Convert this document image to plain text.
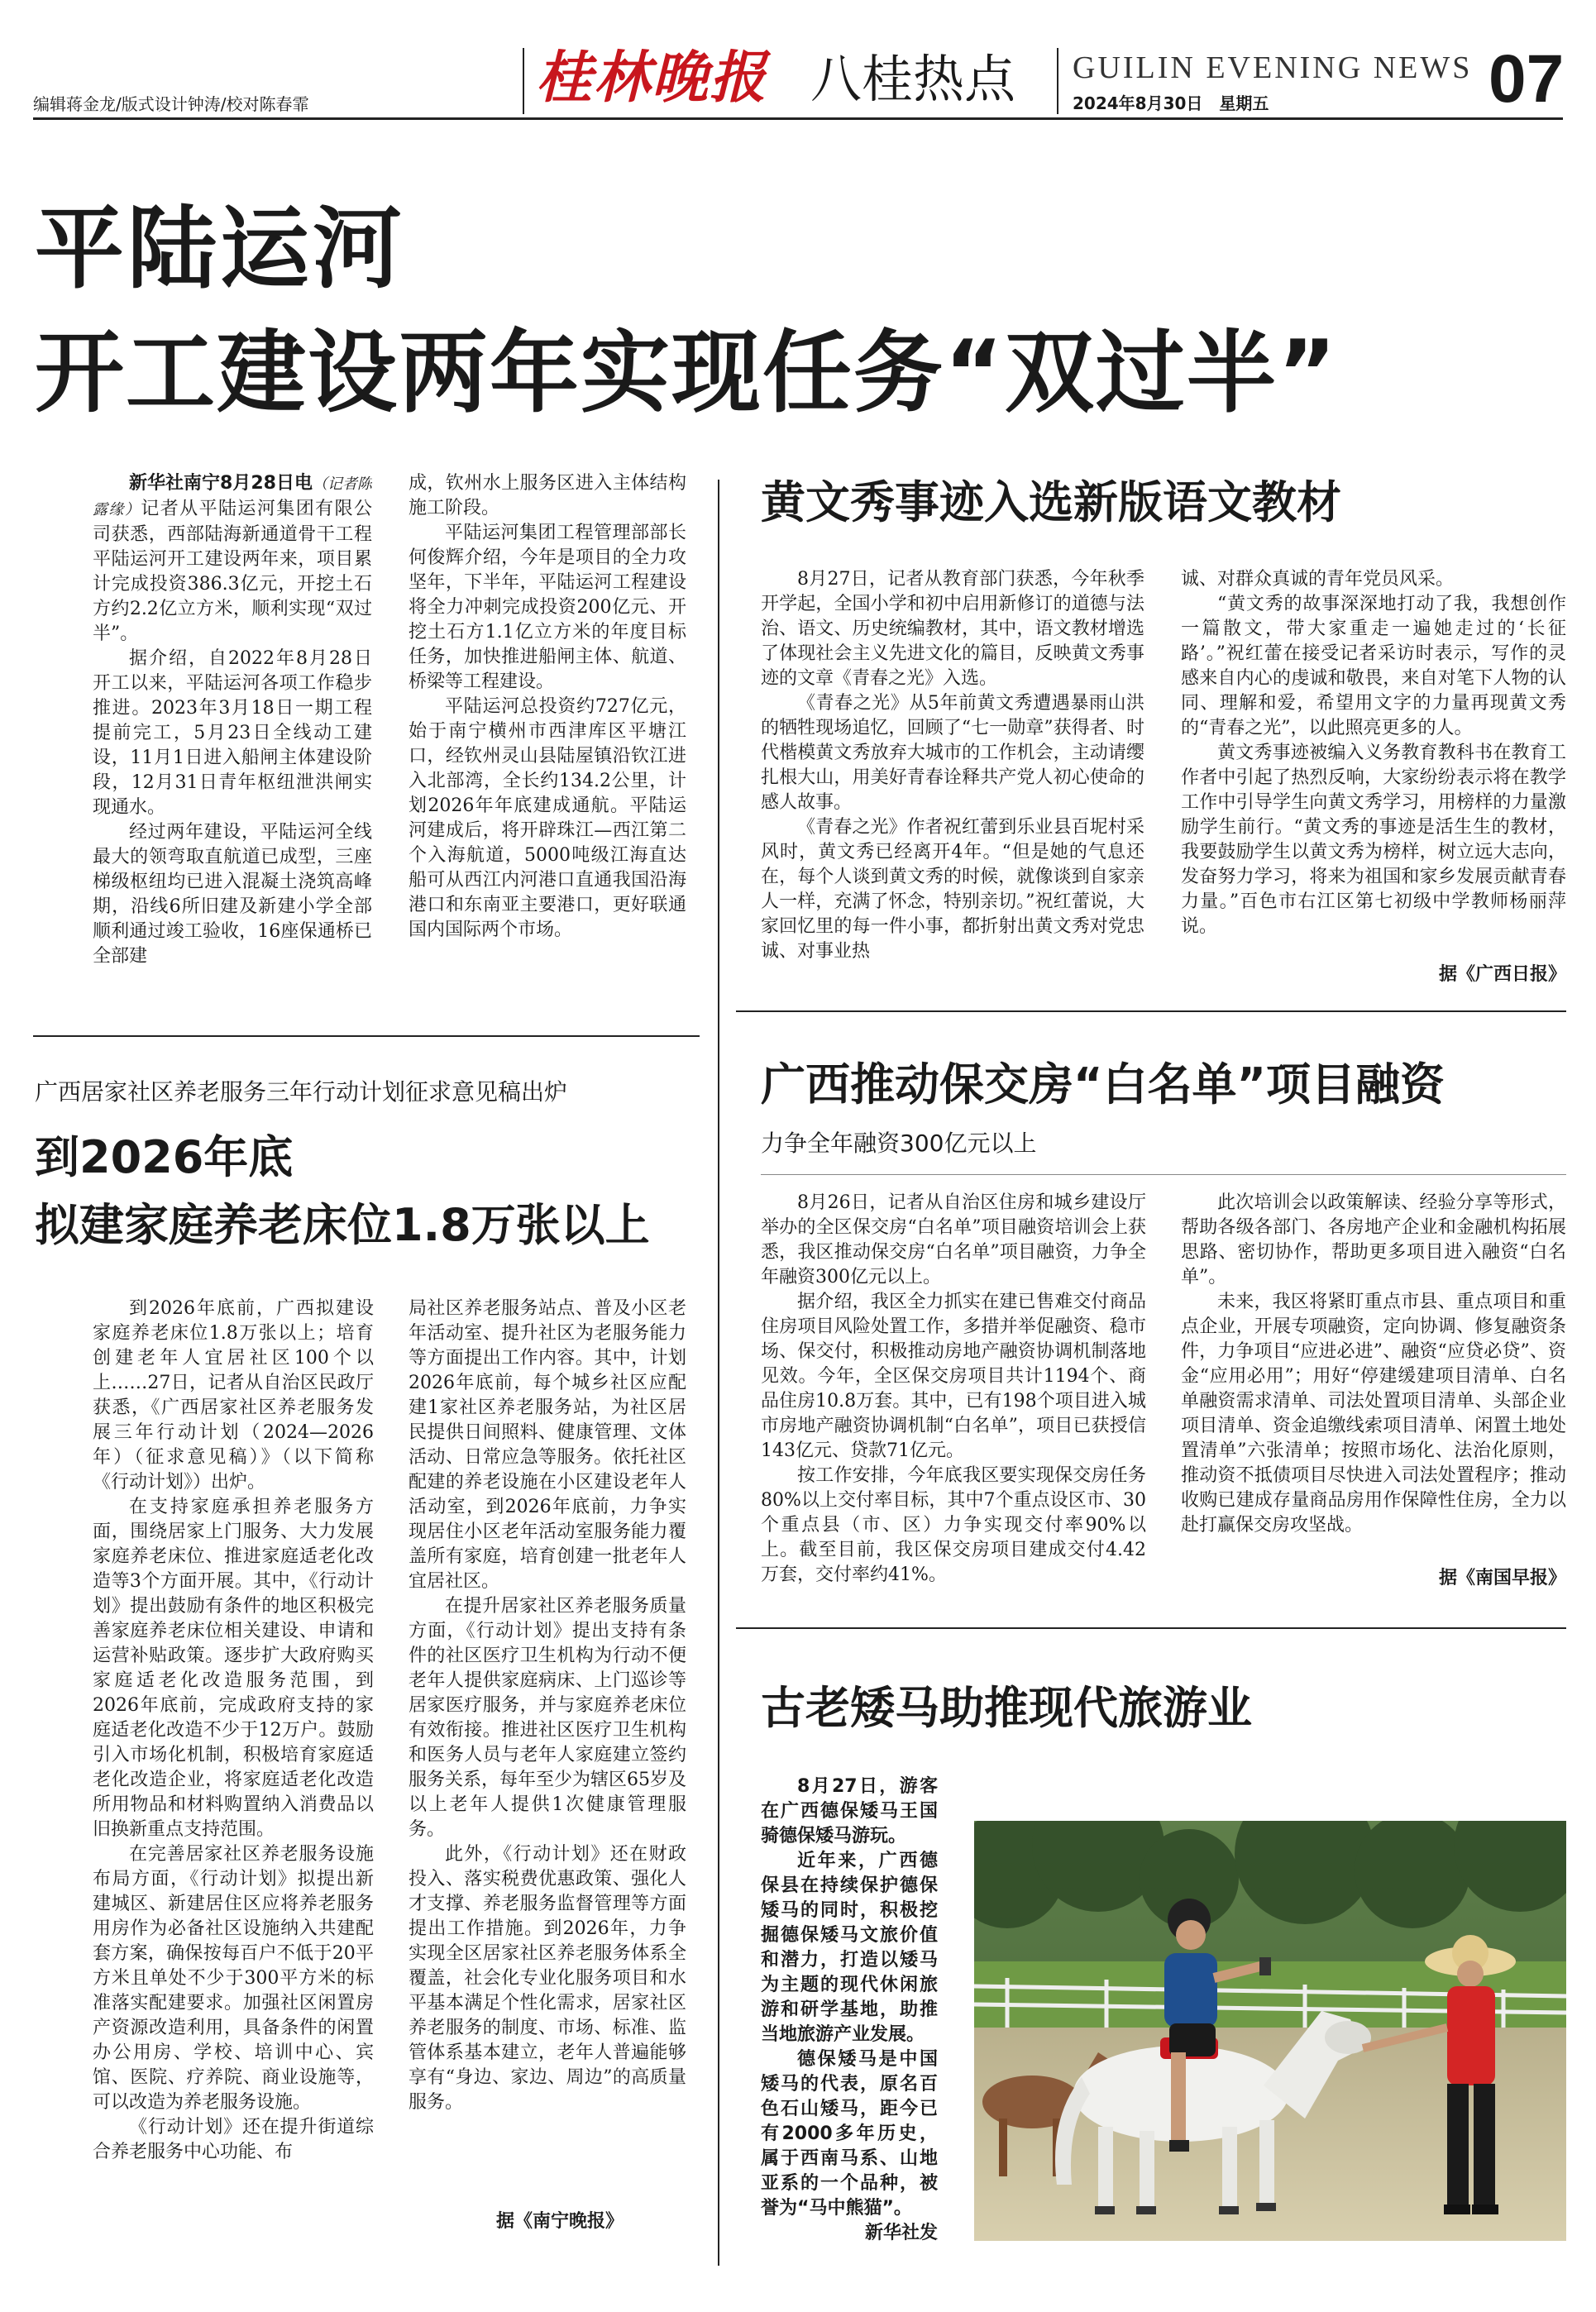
编辑蒋金龙/版式设计钟涛/校对陈春霏	桂林晚报 八桂热点 GUILIN EVENING NEWS
2024年8月30日　星期五	07
平陆运河
开工建设两年实现任务“双过半”

新华社南宁8月28日电（记者陈露缘）记者从平陆运河集团有限公司获悉，西部陆海新通道骨干工程平陆运河开工建设两年来，项目累计完成投资386.3亿元，开挖土石方约2.2亿立方米，顺利实现“双过半”。

据介绍，自2022年8月28日开工以来，平陆运河各项工作稳步推进。2023年3月18日一期工程提前完工，5月23日全线动工建设，11月1日进入船闸主体建设阶段，12月31日青年枢纽泄洪闸实现通水。

经过两年建设，平陆运河全线最大的领弯取直航道已成型，三座梯级枢纽均已进入混凝土浇筑高峰期，沿线6所旧建及新建小学全部顺利通过竣工验收，16座保通桥已全部建

成，钦州水上服务区进入主体结构施工阶段。

平陆运河集团工程管理部部长何俊辉介绍，今年是项目的全力攻坚年，下半年，平陆运河工程建设将全力冲刺完成投资200亿元、开挖土石方1.1亿立方米的年度目标任务，加快推进船闸主体、航道、桥梁等工程建设。

平陆运河总投资约727亿元，始于南宁横州市西津库区平塘江口，经钦州灵山县陆屋镇沿钦江进入北部湾，全长约134.2公里，计划2026年年底建成通航。平陆运河建成后，将开辟珠江—西江第二个入海航道，5000吨级江海直达船可从西江内河港口直通我国沿海港口和东南亚主要港口，更好联通国内国际两个市场。

黄文秀事迹入选新版语文教材

8月27日，记者从教育部门获悉，今年秋季开学起，全国小学和初中启用新修订的道德与法治、语文、历史统编教材，其中，语文教材增选了体现社会主义先进文化的篇目，反映黄文秀事迹的文章《青春之光》入选。

《青春之光》从5年前黄文秀遭遇暴雨山洪的牺牲现场追忆，回顾了“七一勋章”获得者、时代楷模黄文秀放弃大城市的工作机会，主动请缨扎根大山，用美好青春诠释共产党人初心使命的感人故事。

《青春之光》作者祝红蕾到乐业县百坭村采风时，黄文秀已经离开4年。“但是她的气息还在，每个人谈到黄文秀的时候，就像谈到自家亲人一样，充满了怀念，特别亲切。”祝红蕾说，大家回忆里的每一件小事，都折射出黄文秀对党忠诚、对事业热

诚、对群众真诚的青年党员风采。

“黄文秀的故事深深地打动了我，我想创作一篇散文，带大家重走一遍她走过的‘长征路’。”祝红蕾在接受记者采访时表示，写作的灵感来自内心的虔诚和敬畏，来自对笔下人物的认同、理解和爱，希望用文字的力量再现黄文秀的“青春之光”，以此照亮更多的人。

黄文秀事迹被编入义务教育教科书在教育工作者中引起了热烈反响，大家纷纷表示将在教学工作中引导学生向黄文秀学习，用榜样的力量激励学生前行。“黄文秀的事迹是活生生的教材，我要鼓励学生以黄文秀为榜样，树立远大志向，发奋努力学习，将来为祖国和家乡发展贡献青春力量。”百色市右江区第七初级中学教师杨丽萍说。

据《广西日报》
广西居家社区养老服务三年行动计划征求意见稿出炉
到2026年底
拟建家庭养老床位1.8万张以上

到2026年底前，广西拟建设家庭养老床位1.8万张以上；培育创建老年人宜居社区100个以上……27日，记者从自治区民政厅获悉，《广西居家社区养老服务发展三年行动计划（2024—2026年）（征求意见稿）》（以下简称《行动计划》）出炉。

在支持家庭承担养老服务方面，围绕居家上门服务、大力发展家庭养老床位、推进家庭适老化改造等3个方面开展。其中，《行动计划》提出鼓励有条件的地区积极完善家庭养老床位相关建设、申请和运营补贴政策。逐步扩大政府购买家庭适老化改造服务范围，到2026年底前，完成政府支持的家庭适老化改造不少于12万户。鼓励引入市场化机制，积极培育家庭适老化改造企业，将家庭适老化改造所用物品和材料购置纳入消费品以旧换新重点支持范围。

在完善居家社区养老服务设施布局方面，《行动计划》拟提出新建城区、新建居住区应将养老服务用房作为必备社区设施纳入共建配套方案，确保按每百户不低于20平方米且单处不少于300平方米的标准落实配建要求。加强社区闲置房产资源改造利用，具备条件的闲置办公用房、学校、培训中心、宾馆、医院、疗养院、商业设施等，可以改造为养老服务设施。

《行动计划》还在提升街道综合养老服务中心功能、布

局社区养老服务站点、普及小区老年活动室、提升社区为老服务能力等方面提出工作内容。其中，计划2026年底前，每个城乡社区应配建1家社区养老服务站，为社区居民提供日间照料、健康管理、文体活动、日常应急等服务。依托社区配建的养老设施在小区建设老年人活动室，到2026年底前，力争实现居住小区老年活动室服务能力覆盖所有家庭，培育创建一批老年人宜居社区。

在提升居家社区养老服务质量方面，《行动计划》提出支持有条件的社区医疗卫生机构为行动不便老年人提供家庭病床、上门巡诊等居家医疗服务，并与家庭养老床位有效衔接。推进社区医疗卫生机构和医务人员与老年人家庭建立签约服务关系，每年至少为辖区65岁及以上老年人提供1次健康管理服务。

此外，《行动计划》还在财政投入、落实税费优惠政策、强化人才支撑、养老服务监督管理等方面提出工作措施。到2026年，力争实现全区居家社区养老服务体系全覆盖，社会化专业化服务项目和水平基本满足个性化需求，居家社区养老服务的制度、市场、标准、监管体系基本建立，老年人普遍能够享有“身边、家边、周边”的高质量服务。

据《南宁晚报》
广西推动保交房“白名单”项目融资
力争全年融资300亿元以上

8月26日，记者从自治区住房和城乡建设厅举办的全区保交房“白名单”项目融资培训会上获悉，我区推动保交房“白名单”项目融资，力争全年融资300亿元以上。

据介绍，我区全力抓实在建已售难交付商品住房项目风险处置工作，多措并举促融资、稳市场、保交付，积极推动房地产融资协调机制落地见效。今年，全区保交房项目共计1194个、商品住房10.8万套。其中，已有198个项目进入城市房地产融资协调机制“白名单”，项目已获授信143亿元、贷款71亿元。

按工作安排，今年底我区要实现保交房任务80%以上交付率目标，其中7个重点设区市、30个重点县（市、区）力争实现交付率90%以上。截至目前，我区保交房项目建成交付4.42万套，交付率约41%。

此次培训会以政策解读、经验分享等形式，帮助各级各部门、各房地产企业和金融机构拓展思路、密切协作，帮助更多项目进入融资“白名单”。

未来，我区将紧盯重点市县、重点项目和重点企业，开展专项融资，定向协调、修复融资条件，力争项目“应进必进”、融资“应贷必贷”、资金“应用必用”；用好“停建缓建项目清单、白名单融资需求清单、司法处置项目清单、头部企业项目清单、资金追缴线索项目清单、闲置土地处置清单”六张清单；按照市场化、法治化原则，推动资不抵债项目尽快进入司法处置程序；推动收购已建成存量商品房用作保障性住房，全力以赴打赢保交房攻坚战。

据《南国早报》
古老矮马助推现代旅游业

8月27日，游客在广西德保矮马王国骑德保矮马游玩。

近年来，广西德保县在持续保护德保矮马的同时，积极挖掘德保矮马文旅价值和潜力，打造以矮马为主题的现代休闲旅游和研学基地，助推当地旅游产业发展。

德保矮马是中国矮马的代表，原名百色石山矮马，距今已有2000多年历史，属于西南马系、山地亚系的一个品种，被誉为“马中熊猫”。

新华社发
